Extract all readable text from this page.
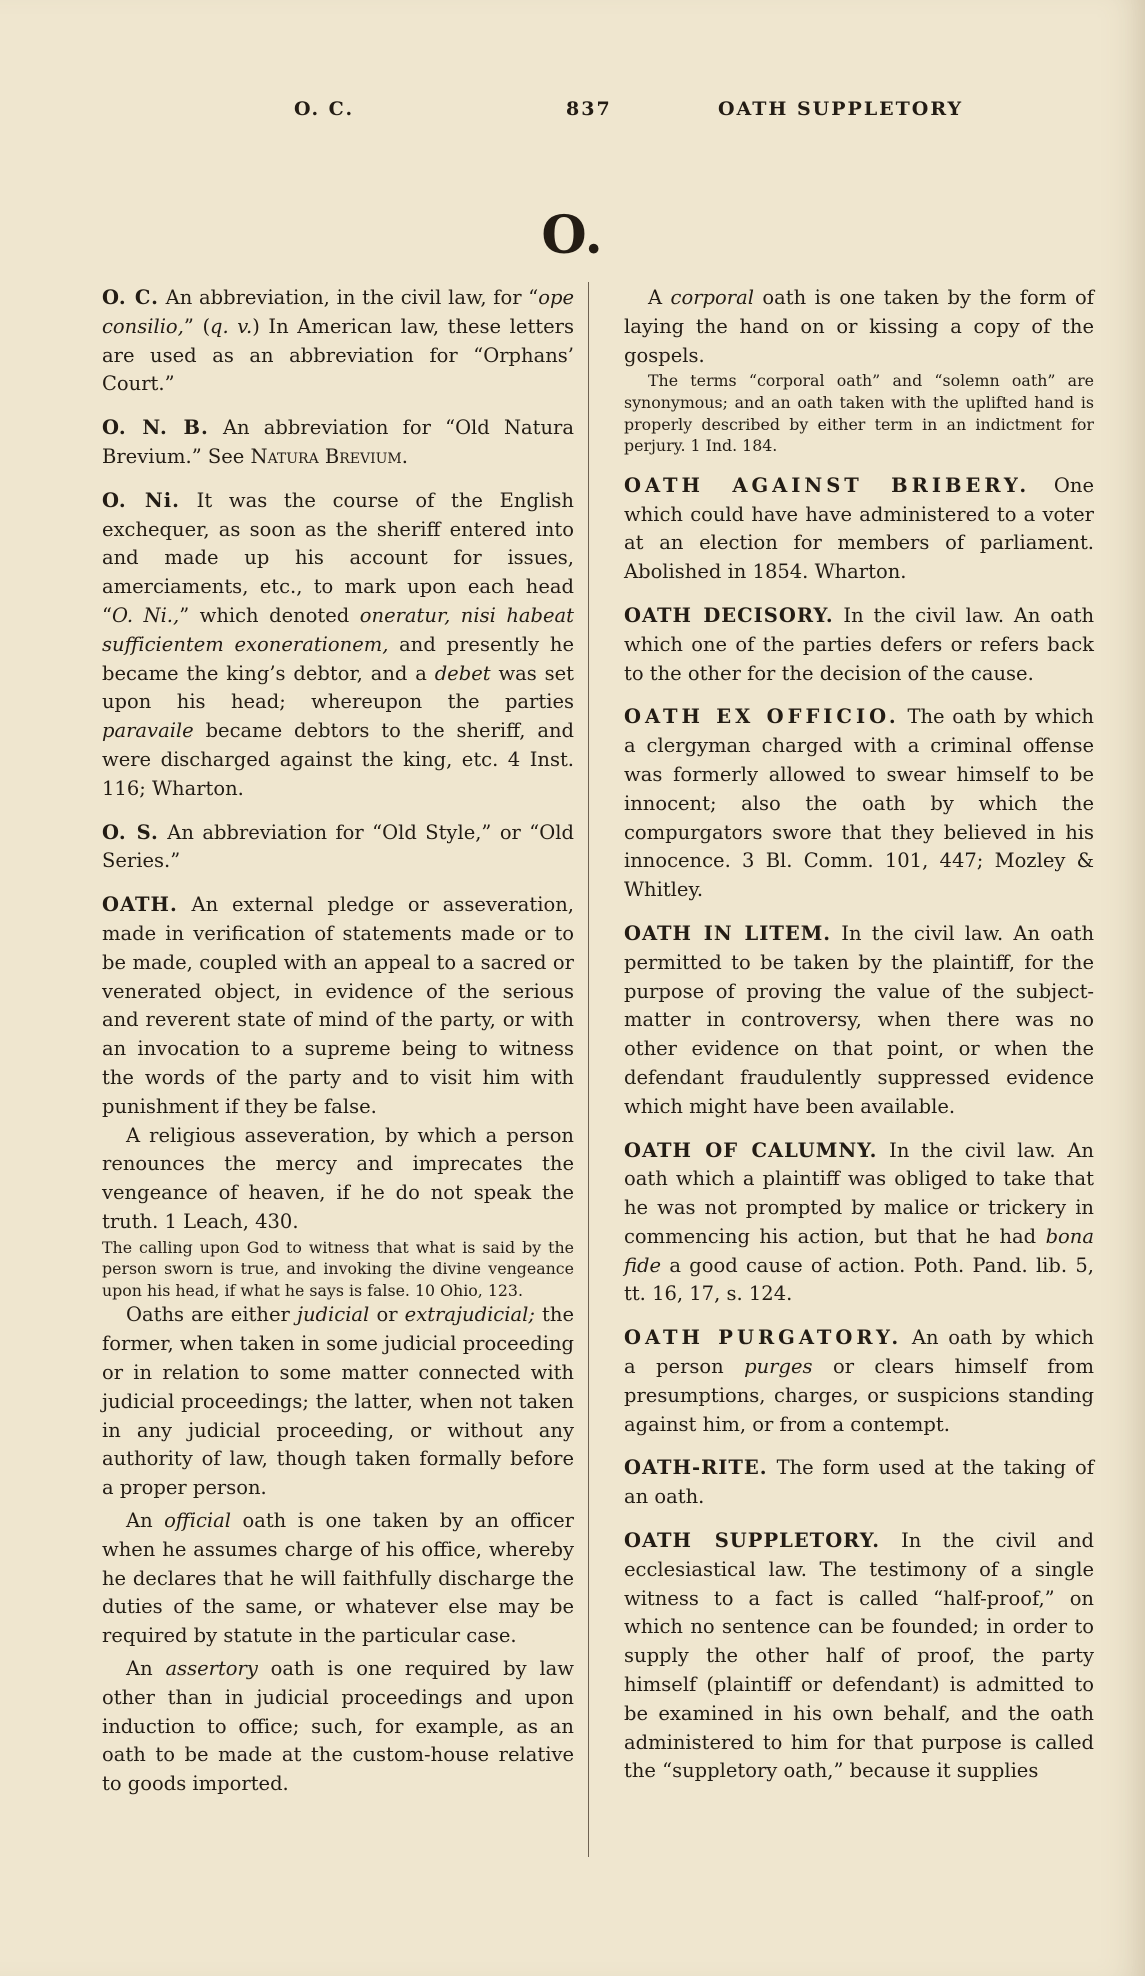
O. C.	837	OATH SUPPLETORY
O.

O. C. An abbreviation, in the civil law, for “ope consilio,” (q. v.) In American law, these letters are used as an abbreviation for “Orphans’ Court.”

O. N. B. An abbreviation for “Old Natura Brevium.” See Natura Brevium.

O. Ni. It was the course of the English exchequer, as soon as the sheriff entered into and made up his account for issues, amerciaments, etc., to mark upon each head “O. Ni.,” which denoted oneratur, nisi habeat sufficientem exonerationem, and presently he became the king’s debtor, and a debet was set upon his head; whereupon the parties paravaile became debtors to the sheriff, and were discharged against the king, etc. 4 Inst. 116; Wharton.

O. S. An abbreviation for “Old Style,” or “Old Series.”

OATH. An external pledge or asseveration, made in verification of statements made or to be made, coupled with an appeal to a sacred or venerated object, in evidence of the serious and reverent state of mind of the party, or with an invocation to a supreme being to witness the words of the party and to visit him with punishment if they be false.

A religious asseveration, by which a person renounces the mercy and imprecates the vengeance of heaven, if he do not speak the truth. 1 Leach, 430.

The calling upon God to witness that what is said by the person sworn is true, and invoking the divine vengeance upon his head, if what he says is false. 10 Ohio, 123.

Oaths are either judicial or extrajudicial; the former, when taken in some judicial proceeding or in relation to some matter connected with judicial proceedings; the latter, when not taken in any judicial proceeding, or without any authority of law, though taken formally before a proper person.

An official oath is one taken by an officer when he assumes charge of his office, whereby he declares that he will faithfully discharge the duties of the same, or whatever else may be required by statute in the particular case.

An assertory oath is one required by law other than in judicial proceedings and upon induction to office; such, for example, as an oath to be made at the custom-house relative to goods imported.

A corporal oath is one taken by the form of laying the hand on or kissing a copy of the gospels.

The terms “corporal oath” and “solemn oath” are synonymous; and an oath taken with the uplifted hand is properly described by either term in an indictment for perjury. 1 Ind. 184.

OATH AGAINST BRIBERY. One which could have have administered to a voter at an election for members of parliament. Abolished in 1854. Wharton.

OATH DECISORY. In the civil law. An oath which one of the parties defers or refers back to the other for the decision of the cause.

OATH EX OFFICIO. The oath by which a clergyman charged with a criminal offense was formerly allowed to swear himself to be innocent; also the oath by which the compurgators swore that they believed in his innocence. 3 Bl. Comm. 101, 447; Mozley & Whitley.

OATH IN LITEM. In the civil law. An oath permitted to be taken by the plaintiff, for the purpose of proving the value of the subject-matter in controversy, when there was no other evidence on that point, or when the defendant fraudulently suppressed evidence which might have been available.

OATH OF CALUMNY. In the civil law. An oath which a plaintiff was obliged to take that he was not prompted by malice or trickery in commencing his action, but that he had bona fide a good cause of action. Poth. Pand. lib. 5, tt. 16, 17, s. 124.

OATH PURGATORY. An oath by which a person purges or clears himself from presumptions, charges, or suspicions standing against him, or from a contempt.

OATH-RITE. The form used at the taking of an oath.

OATH SUPPLETORY. In the civil and ecclesiastical law. The testimony of a single witness to a fact is called “half-proof,” on which no sentence can be founded; in order to supply the other half of proof, the party himself (plaintiff or defendant) is admitted to be examined in his own behalf, and the oath administered to him for that purpose is called the “suppletory oath,” because it supplies
